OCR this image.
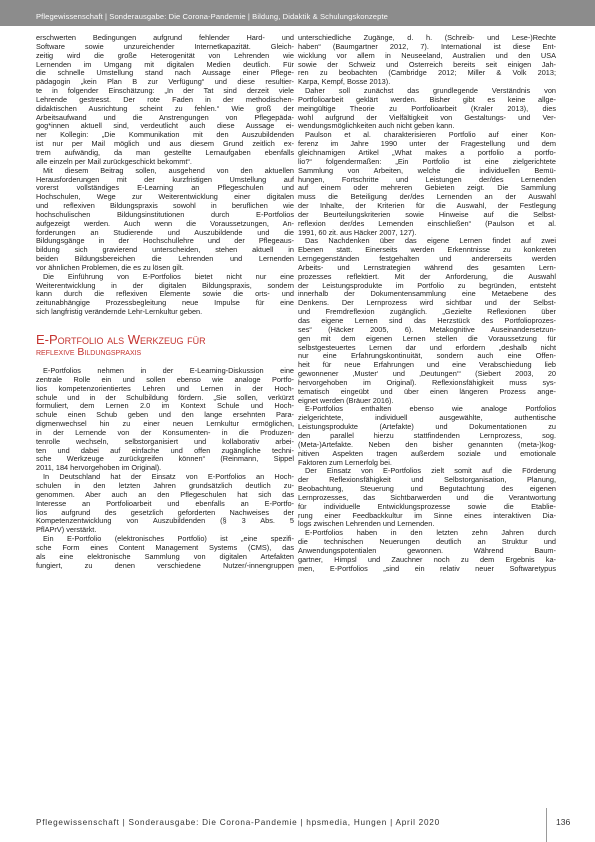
Pflegewissenschaft | Sonderausgabe: Die Corona-Pandemie | Bildung, Didaktik & Schulungskonzepte
erschwerten Bedingungen aufgrund fehlender Hard- und
Software sowie unzureichender Internetkapazität. Gleich-
zeitig wird die große Heterogenität von Lehrenden wie
Lernenden im Umgang mit digitalen Medien deutlich. Für
die schnelle Umstellung stand nach Aussage einer Pflege-
pädagogin „kein Plan B zur Verfügung“ und diese resultier-
te in folgender Einschätzung: „In der Tat sind derzeit viele
Lehrende gestresst. Der rote Faden in der methodischen-
didaktischen Ausrichtung scheint zu fehlen.“ Wie groß der
Arbeitsaufwand und die Anstrengungen von Pflegepäda-
gog*innen aktuell sind, verdeutlicht auch diese Aussage ei-
ner Kollegin: „Die Kommunikation mit den Auszubildenden
ist nur per Mail möglich und aus diesem Grund zeitlich ex-
trem aufwändig, da man gestellte Lernaufgaben ebenfalls
alle einzeln per Mail zurückgeschickt bekommt“.
Mit diesem Beitrag sollen, ausgehend von den aktuellen
Herausforderungen mit der kurzfristigen Umstellung auf
vorerst vollständiges E-Learning an Pflegeschulen und
Hochschulen, Wege zur Weiterentwicklung einer digitalen
und reflexiven Bildungspraxis sowohl in beruflichen wie
hochschulischen Bildungsinstitutionen durch E-Portfolios
aufgezeigt werden. Auch wenn die Voraussetzungen, An-
forderungen an Studierende und Auszubildende und die
Bildungsgänge in der Hochschullehre und der Pflegeaus-
bildung sich gravierend unterscheiden, stehen aktuell in
beiden Bildungsbereichen die Lehrenden und Lernenden
vor ähnlichen Problemen, die es zu lösen gilt.
Die Einführung von E-Portfolios bietet nicht nur eine
Weiterentwicklung in der digitalen Bildungspraxis, sondern
kann durch die reflexiven Elemente sowie die orts- und
zeitunabhängige Prozessbegleitung neue Impulse für eine
sich langfristig verändernde Lehr-Lernkultur geben.
E-Portfolio als Werkzeug für
reflexive Bildungspraxis
E-Portfolios nehmen in der E-Learning-Diskussion eine
zentrale Rolle ein und sollen ebenso wie analoge Portfo-
lios kompetenzorientiertes Lehren und Lernen in der Hoch-
schule und in der Schulbildung fördern. „Sie sollen, verkürzt
formuliert, dem Lernen 2.0 im Kontext Schule und Hoch-
schule einen Schub geben und den lange ersehnten Para-
digmenwechsel hin zu einer neuen Lernkultur ermöglichen,
in der Lernende von der Konsumenten- in die Produzen-
tenrolle wechseln, selbstorganisiert und kollaborativ arbei-
ten und dabei auf einfache und offen zugängliche techni-
sche Werkzeuge zurückgreifen können“ (Reinmann, Sippel
2011, 184 hervorgehoben im Original).
In Deutschland hat der Einsatz von E-Portfolios an Hoch-
schulen in den letzten Jahren grundsätzlich deutlich zu-
genommen. Aber auch an den Pflegeschulen hat sich das
Interesse an Portfolioarbeit und ebenfalls an E-Portfo-
lios aufgrund des gesetzlich geforderten Nachweises der
Kompetenzentwicklung von Auszubildenden (§ 3 Abs. 5
PflAPrV) verstärkt.
Ein E-Portfolio (elektronisches Portfolio) ist „eine spezifi-
sche Form eines Content Management Systems (CMS), das
als eine elektronische Sammlung von digitalen Artefakten
fungiert, zu denen verschiedene Nutzer/-innengruppen
unterschiedliche Zugänge, d. h. (Schreib- und Lese-)Rechte
haben“ (Baumgartner 2012, 7). International ist diese Ent-
wicklung vor allem in Neuseeland, Australien und den USA
sowie der Schweiz und Österreich bereits seit einigen Jah-
ren zu beobachten (Cambridge 2012; Miller & Volk 2013;
Karpa, Kempf, Bosse 2013).
Daher soll zunächst das grundlegende Verständnis von
Portfolioarbeit geklärt werden. Bisher gibt es keine allge-
meingültige Theorie zu Portfolioarbeit (Kraler 2013), dies
wohl aufgrund der Vielfältigkeit von Gestaltungs- und Ver-
wendungsmöglichkeiten auch nicht geben kann.
Paulson et al. charakterisieren Portfolio auf einer Kon-
ferenz im Jahre 1990 unter der Fragestellung und dem
gleichnamigen Artikel „What makes a portfolio a portfo-
lio?“ folgendermaßen: „Ein Portfolio ist eine zielgerichtete
Sammlung von Arbeiten, welche die individuellen Bemü-
hungen, Fortschritte und Leistungen der/des Lernenden
auf einem oder mehreren Gebieten zeigt. Die Sammlung
muss die Beteiligung der/des Lernenden an der Auswahl
der Inhalte, der Kriterien für die Auswahl, der Festlegung
der Beurteilungskriterien sowie Hinweise auf die Selbst-
reflexion der/des Lernenden einschließen“ (Paulson et al.
1991, 60 zit. aus Häcker 2007, 127).
Das Nachdenken über das eigene Lernen findet auf zwei
Ebenen statt. Einerseits werden Erkenntnisse zu konkreten
Lerngegenständen festgehalten und andererseits werden
Arbeits- und Lernstrategien während des gesamten Lern-
prozesses reflektiert. Mit der Anforderung, die Auswahl
der Leistungsprodukte im Portfolio zu begründen, entsteht
innerhalb der Dokumentensammlung eine Metaebene des
Denkens. Der Lernprozess wird sichtbar und der Selbst-
und Fremdreflexion zugänglich. „Gezielte Reflexionen über
das eigene Lernen sind das Herzstück des Portfolioprozes-
ses“ (Häcker 2005, 6). Metakognitive Auseinandersetzun-
gen mit dem eigenen Lernen stellen die Voraussetzung für
selbstgesteuertes Lernen dar und erfordern „deshalb nicht
nur eine Erfahrungskontinuität, sondern auch eine Offen-
heit für neue Erfahrungen und eine Verabschiedung lieb
gewonnener ‚Muster‘ und ‚Deutungen‘“ (Siebert 2003, 20
hervorgehoben im Original). Reflexionsfähigkeit muss sys-
tematisch eingeübt und über einen längeren Prozess ange-
eignet werden (Bräuer 2016).
E-Portfolios enthalten ebenso wie analoge Portfolios
zielgerichtete, individuell ausgewählte, authentische
Leistungsprodukte (Artefakte) und Dokumentationen zu
den parallel hierzu stattfindenden Lernprozess, sog.
(Meta-)Artefakte. Neben den bisher genannten (meta-)kog-
nitiven Aspekten tragen außerdem soziale und emotionale
Faktoren zum Lernerfolg bei.
Der Einsatz von E-Portfolios zielt somit auf die Förderung
der Reflexionsfähigkeit und Selbstorganisation, Planung,
Beobachtung, Steuerung und Begutachtung des eigenen
Lernprozesses, das Sichtbarwerden und die Verantwortung
für individuelle Entwicklungsprozesse sowie die Etablie-
rung einer Feedbackkultur im Sinne eines interaktiven Dia-
logs zwischen Lehrenden und Lernenden.
E-Portfolios haben in den letzten zehn Jahren durch
die technischen Neuerungen deutlich an Struktur und
Anwendungspotentialen gewonnen. Während Baum-
gartner, Himpsl und Zauchner noch zu dem Ergebnis ka-
men, E-Portfolios „sind ein relativ neuer Softwaretypus
Pflegewissenschaft | Sonderausgabe: Die Corona-Pandemie | hpsmedia, Hungen | April 2020	136
